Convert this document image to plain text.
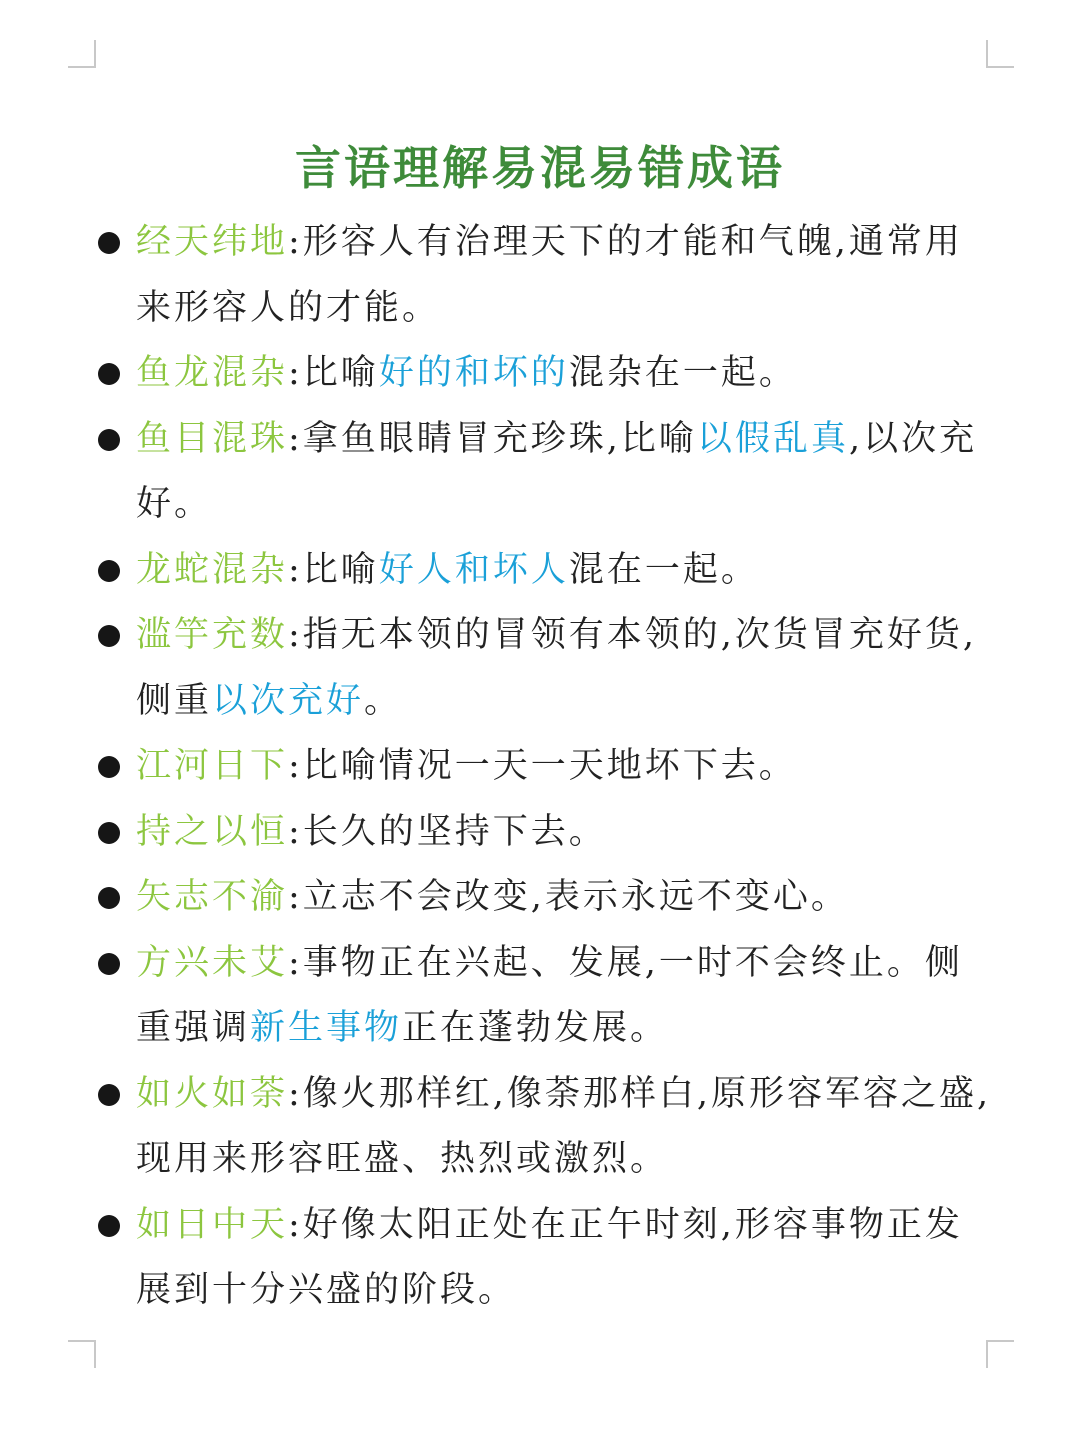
言语理解易混易错成语
经天纬地:形容人有治理天下的才能和气魄,通常用来形容人的才能。
鱼龙混杂:比喻好的和坏的混杂在一起。
鱼目混珠:拿鱼眼睛冒充珍珠,比喻以假乱真,以次充好。
龙蛇混杂:比喻好人和坏人混在一起。
滥竽充数:指无本领的冒领有本领的,次货冒充好货,侧重以次充好。
江河日下:比喻情况一天一天地坏下去。
持之以恒:长久的坚持下去。
矢志不渝:立志不会改变,表示永远不变心。
方兴未艾:事物正在兴起、发展,一时不会终止。侧重强调新生事物正在蓬勃发展。
如火如荼:像火那样红,像荼那样白,原形容军容之盛,现用来形容旺盛、热烈或激烈。
如日中天:好像太阳正处在正午时刻,形容事物正发展到十分兴盛的阶段。
